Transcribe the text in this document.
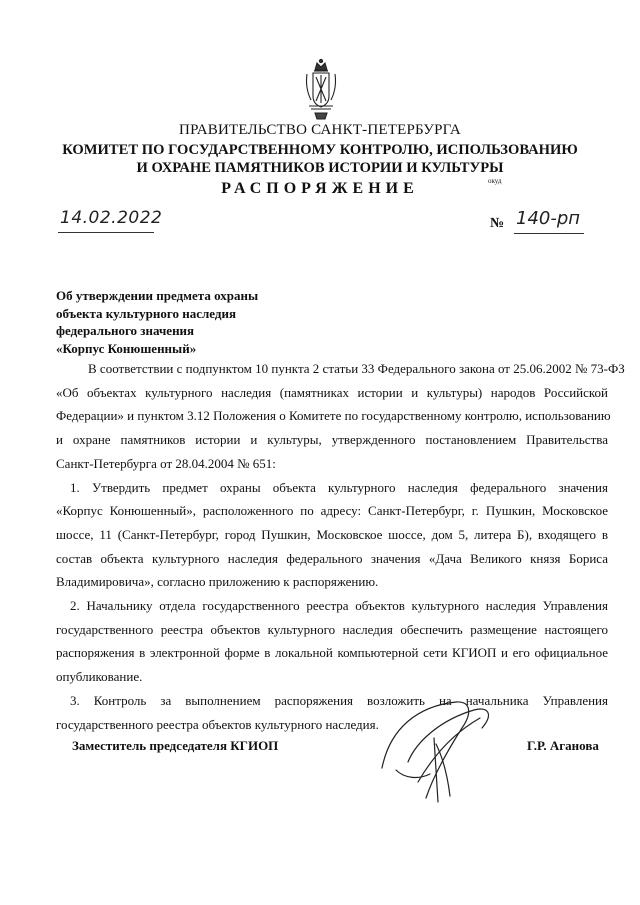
ПРАВИТЕЛЬСТВО САНКТ-ПЕТЕРБУРГА
КОМИТЕТ ПО ГОСУДАРСТВЕННОМУ КОНТРОЛЮ, ИСПОЛЬЗОВАНИЮ
И ОХРАНЕ ПАМЯТНИКОВ ИСТОРИИ И КУЛЬТУРЫ
РАСПОРЯЖЕНИЕ	окуд
14.02.2022	№ 140-рп
Об утверждении предмета охраны
объекта культурного наследия
федерального значения
«Корпус Конюшенный»
В соответствии с подпунктом 10 пункта 2 статьи 33 Федерального закона от 25.06.2002 № 73-ФЗ
«Об объектах культурного наследия (памятниках истории и культуры) народов Российской
Федерации» и пунктом 3.12 Положения о Комитете по государственному контролю, использованию
и охране памятников истории и культуры, утвержденного постановлением Правительства
Санкт-Петербурга от 28.04.2004 № 651:
1. Утвердить предмет охраны объекта культурного наследия федерального значения
«Корпус Конюшенный», расположенного по адресу: Санкт-Петербург, г. Пушкин, Московское
шоссе, 11 (Санкт-Петербург, город Пушкин, Московское шоссе, дом 5, литера Б), входящего в
состав объекта культурного наследия федерального значения «Дача Великого князя Бориса
Владимировича», согласно приложению к распоряжению.
2. Начальнику отдела государственного реестра объектов культурного наследия Управления
государственного реестра объектов культурного наследия обеспечить размещение настоящего
распоряжения в электронной форме в локальной компьютерной сети КГИОП и его официальное
опубликование.
3. Контроль за выполнением распоряжения возложить на начальника Управления
государственного реестра объектов культурного наследия.
Заместитель председателя КГИОП	Г.Р. Аганова
